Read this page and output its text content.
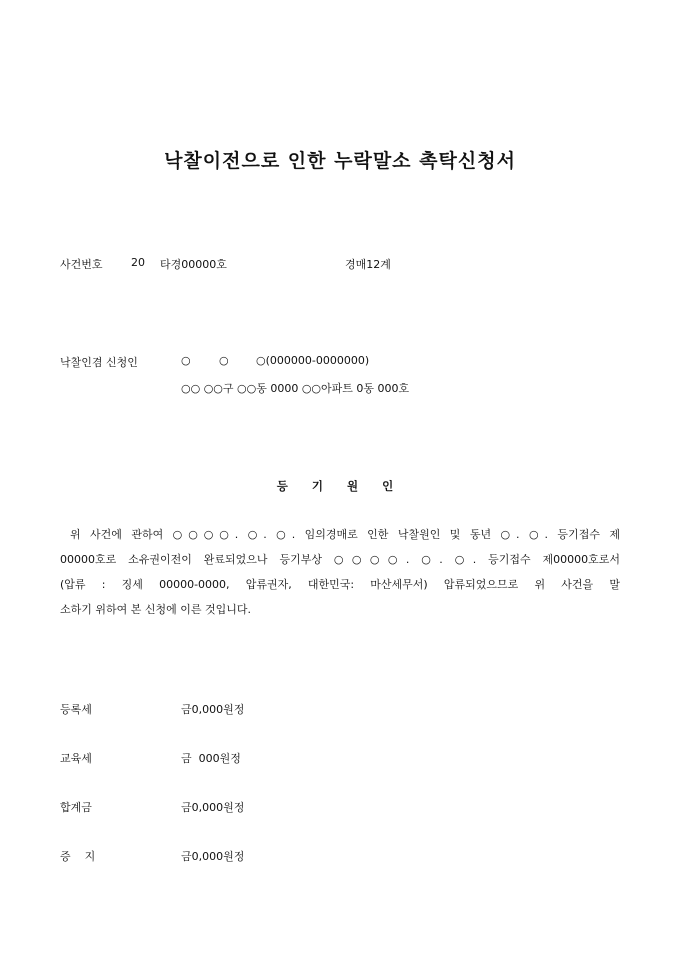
낙찰이전으로 인한 누락말소 촉탁신청서
사건번호	20 타경00000호	경매12계
낙찰인겸 신청인	○	○ ○(000000-0000000)
○○ ○○구 ○○동 0000 ○○아파트 0동 000호
등 기 원 인

위 사건에 관하여 ○○○○. ○. ○. 임의경매로 인한 낙찰원인 및 동년 ○. ○. 등기접수 제

00000호로 소유권이전이 완료되었으나 등기부상 ○○○○. ○. ○. 등기접수 제00000호로서

(압류 : 징세 00000-0000, 압류권자, 대한민국: 마산세무서) 압류되었으므로 위 사건을 말

소하기 위하여 본 신청에 이른 것입니다.

등록세	금0,000원정
교육세	금  000원정
합계금	금0,000원정
증    지	금0,000원정
